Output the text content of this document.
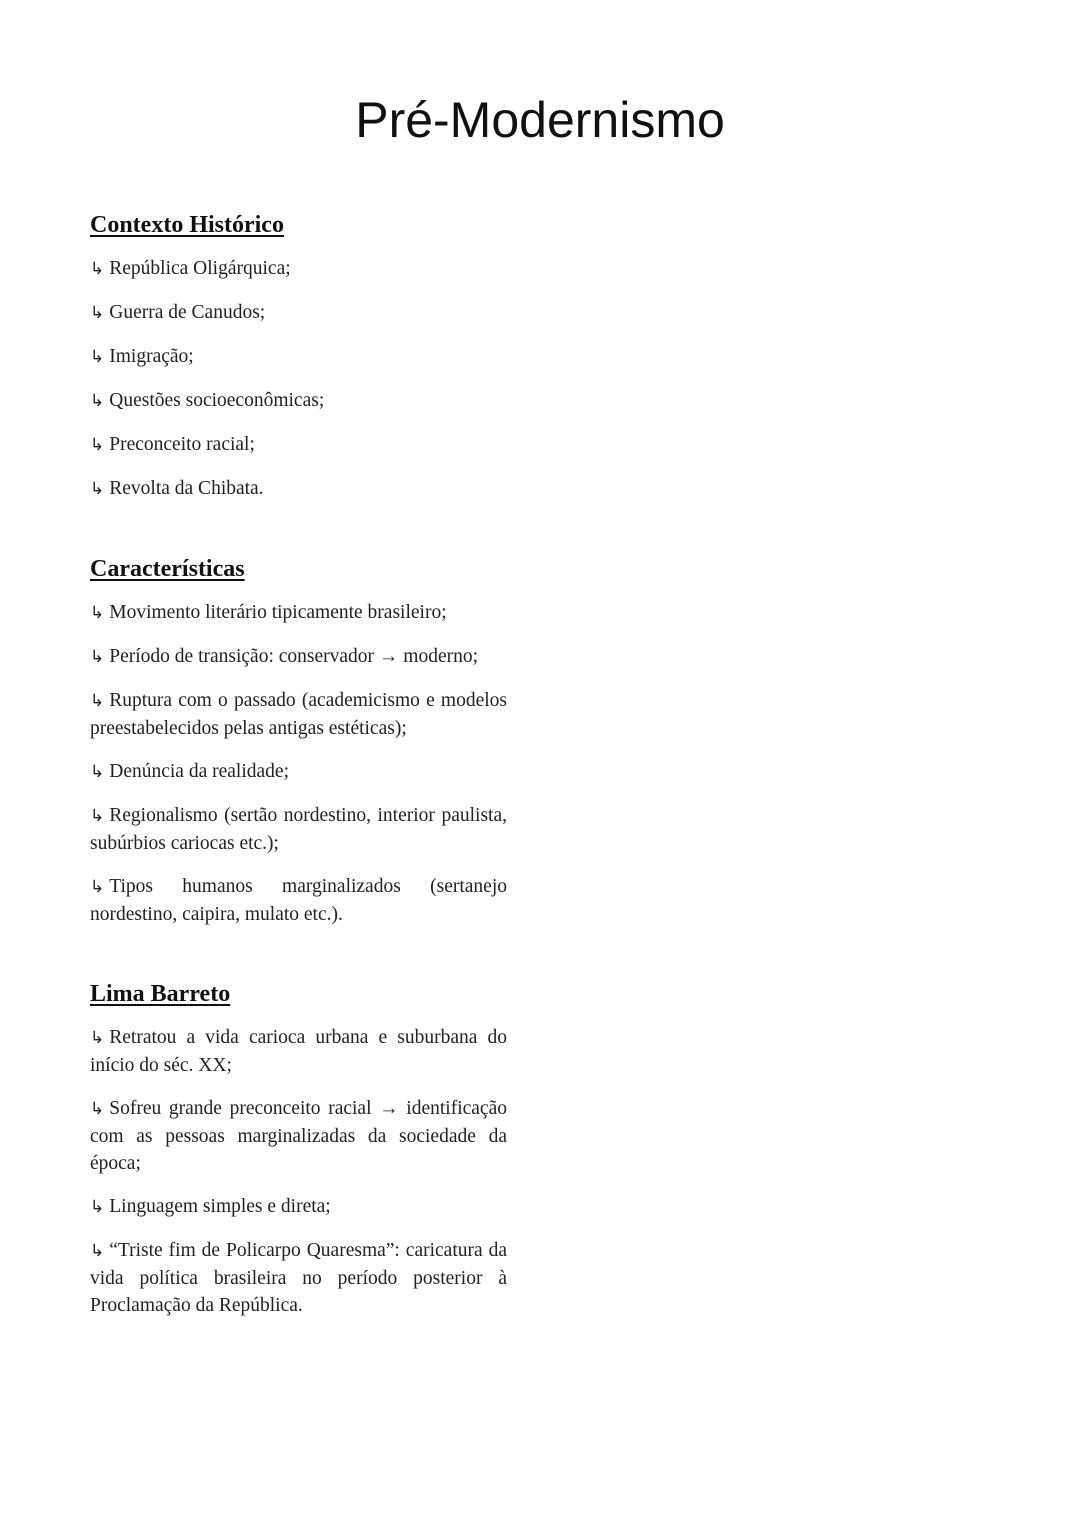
Pré-Modernismo
Contexto Histórico

↳ República Oligárquica;

↳ Guerra de Canudos;

↳ Imigração;

↳ Questões socioeconômicas;

↳ Preconceito racial;

↳ Revolta da Chibata.

Características

↳ Movimento literário tipicamente brasileiro;

↳ Período de transição: conservador → moderno;

↳ Ruptura com o passado (academicismo e modelos preestabelecidos pelas antigas estéticas);

↳ Denúncia da realidade;

↳ Regionalismo (sertão nordestino, interior paulista, subúrbios cariocas etc.);

↳ Tipos humanos marginalizados (sertanejo nordestino, caipira, mulato etc.).

Lima Barreto

↳ Retratou a vida carioca urbana e suburbana do início do séc. XX;

↳ Sofreu grande preconceito racial → identificação com as pessoas marginalizadas da sociedade da época;

↳ Linguagem simples e direta;

↳ “Triste fim de Policarpo Quaresma”: caricatura da vida política brasileira no período posterior à Proclamação da República.
